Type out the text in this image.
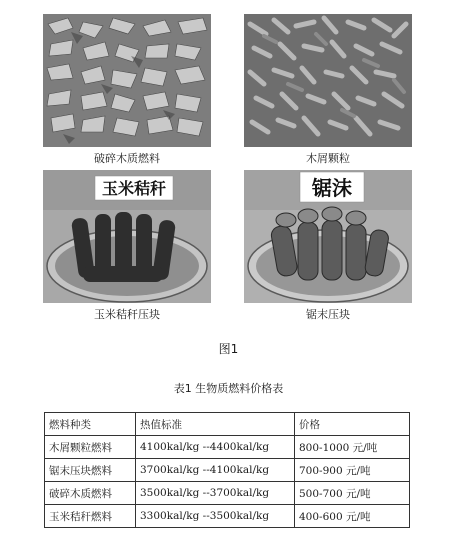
破碎木质燃料	木屑颗粒
玉米秸秆
玉米秸秆压块
锯沫
锯末压块
图1
表1 生物质燃料价格表
燃料种类	热值标准	价格
木屑颗粒燃料	4100kal/kg --4400kal/kg	800-1000 元/吨
锯末压块燃料	3700kal/kg --4100kal/kg	700-900 元/吨
破碎木质燃料	3500kal/kg --3700kal/kg	500-700 元/吨
玉米秸秆燃料	3300kal/kg --3500kal/kg	400-600 元/吨
